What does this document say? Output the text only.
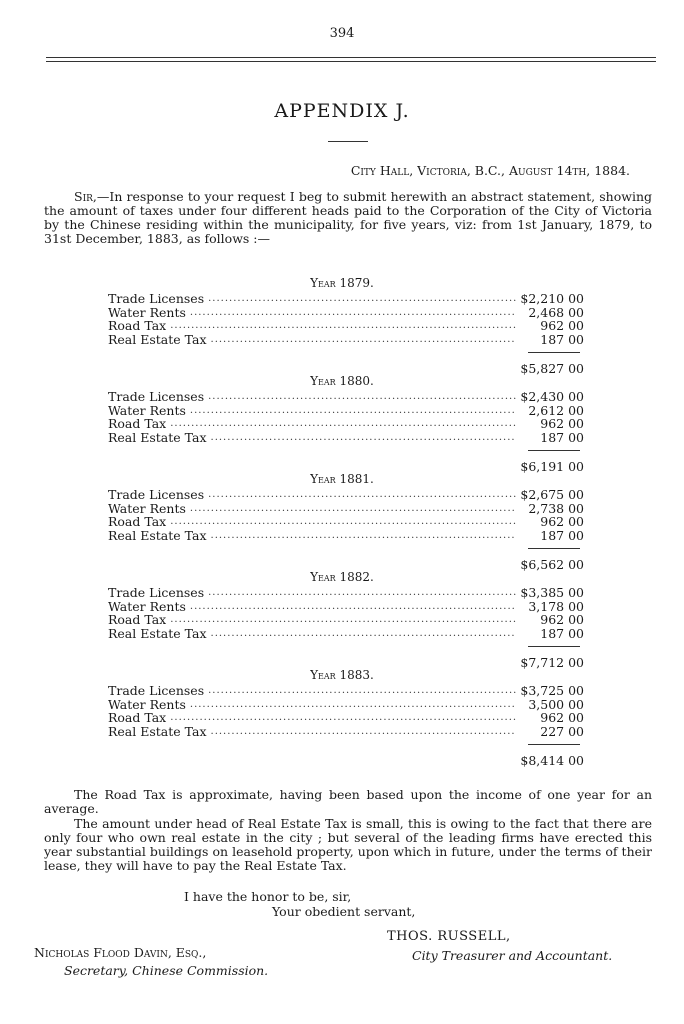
394
APPENDIX J.
City Hall, Victoria, B.C., August 14th, 1884.
Sir,—In response to your request I beg to submit herewith an abstract statement, showing the amount of taxes under four different heads paid to the Corporation of the City of Victoria by the Chinese residing within the municipality, for five years, viz: from 1st January, 1879, to 31st December, 1883, as follows :—
Year 1879.
Trade Licenses .....	$2,210 00
Water Rents .....	2,468 00
Road Tax .....	962 00
Real Estate Tax .....	187 00
$5,827 00
Year 1880.
Trade Licenses .....	$2,430 00
Water Rents .....	2,612 00
Road Tax .....	962 00
Real Estate Tax .....	187 00
$6,191 00
Year 1881.
Trade Licenses .....	$2,675 00
Water Rents .....	2,738 00
Road Tax .....	962 00
Real Estate Tax .....	187 00
$6,562 00
Year 1882.
Trade Licenses .....	$3,385 00
Water Rents .....	3,178 00
Road Tax .....	962 00
Real Estate Tax .....	187 00
$7,712 00
Year 1883.
Trade Licenses .....	$3,725 00
Water Rents .....	3,500 00
Road Tax .....	962 00
Real Estate Tax .....	227 00
$8,414 00
The Road Tax is approximate, having been based upon the income of one year for an average.
The amount under head of Real Estate Tax is small, this is owing to the fact that there are only four who own real estate in the city ; but several of the leading firms have erected this year substantial buildings on leasehold property, upon which in future, under the terms of their lease, they will have to pay the Real Estate Tax.
I have the honor to be, sir,
Your obedient servant,
THOS. RUSSELL,
City Treasurer and Accountant.
Nicholas Flood Davin, Esq.,
Secretary, Chinese Commission.
